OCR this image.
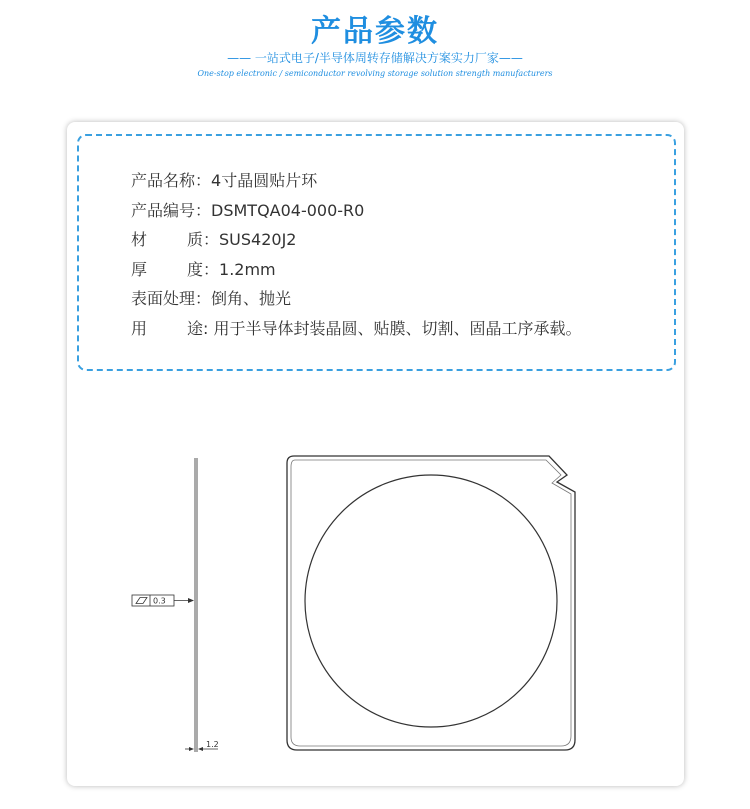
产品参数
—— 一站式电子/半导体周转存储解决方案实力厂家——
One-stop electronic / semiconductor revolving storage solution strength manufacturers
产品名称：4寸晶圆贴片环
产品编号：DSMTQA04-000-R0
材质：SUS420J2
厚度：1.2mm
表面处理：倒角、抛光
用途: 用于半导体封装晶圆、贴膜、切割、固晶工序承载。
0.3
1.2
